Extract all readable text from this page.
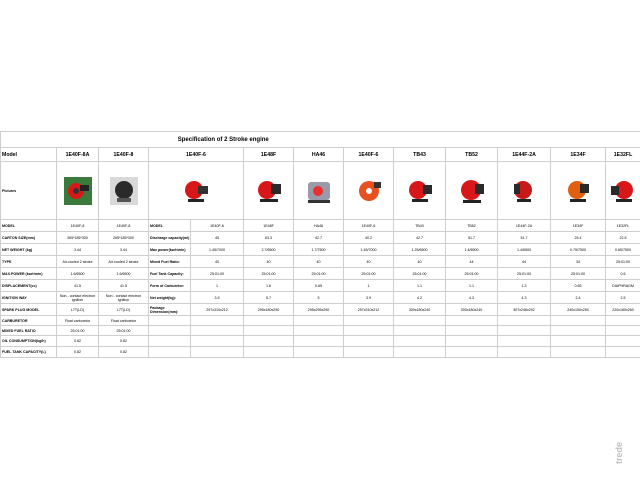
Specification of 2 Stroke engine												
Model	1E40F-8A	1E40F-8	1E40F-6		1E48F	HA46	1E40F-6	TB43	TB52	1E44F-2A	1E34F	1E32FL
Pictures	

MODEL	1E40F-8	1E40F-8	MODEL	1E40F-6	1E48F	HA46	1E40F-6	TB43	TB52	1E44F-2A	1E34F	1E32FL
CARTON SIZE(mm)	265*185*300	265*185*300	Discharge capacity(ml)	45	63.3	42.7	40.2	42.7	51.7	51.7	25.4	22.5
NET WEIGHT (kg)	3.44	3.44	Max power(kw/r/min)	1.45/7000	2.7/6500	1.7/7500	1.45/7000	1.25/6500	1.4/6500	1.4/6500	0.75/7500	0.65/7500
TYPE	Air-cooled 2 stroke	Air-cooled 2 stroke	Mixed Fuel Ratio:	40	40	40	40	40	44	44	34	25:01:00
MAX.POWER (kw/r/min)	1.6/6500	1.6/6500	Fuel Tank Capacity:	25:01:00	25:01:00	25:01:00	25:01:00	25:01:00	25:01:00	25:01:00	25:01:00	0.6
DISPLACEMENT(cc)	41.5	41.5	Form of Carburetor:	1	1.6	0.65	1	1.1	1.1	1.3	0.65	DIAPHRAGM
IGNITION WAY	Non - contact electron ignition	Non - contact electron ignition	Net weight(kg):	3.9	5.7	5	3.9	4.2	4.3	4.3	2.4	2.5
SPARK PLUG MODEL	L7T(LD)	L7T(LD)	Package Dimension(mm):	297x310x212	295x180x290	295x295x290	297x310x212	300x180x240	300x180x240	307x246x292	240x150x250	220x180x260
CARBURETOR	Float carburetor	Float carburetor										
MIXED FUEL RATIO	25:01:00	25:01:00										
OIL CONSUMPTION(kg/h)	0.82	0.82										
FUEL TANK CAPACITY(L)	0.82	0.82										
trede
